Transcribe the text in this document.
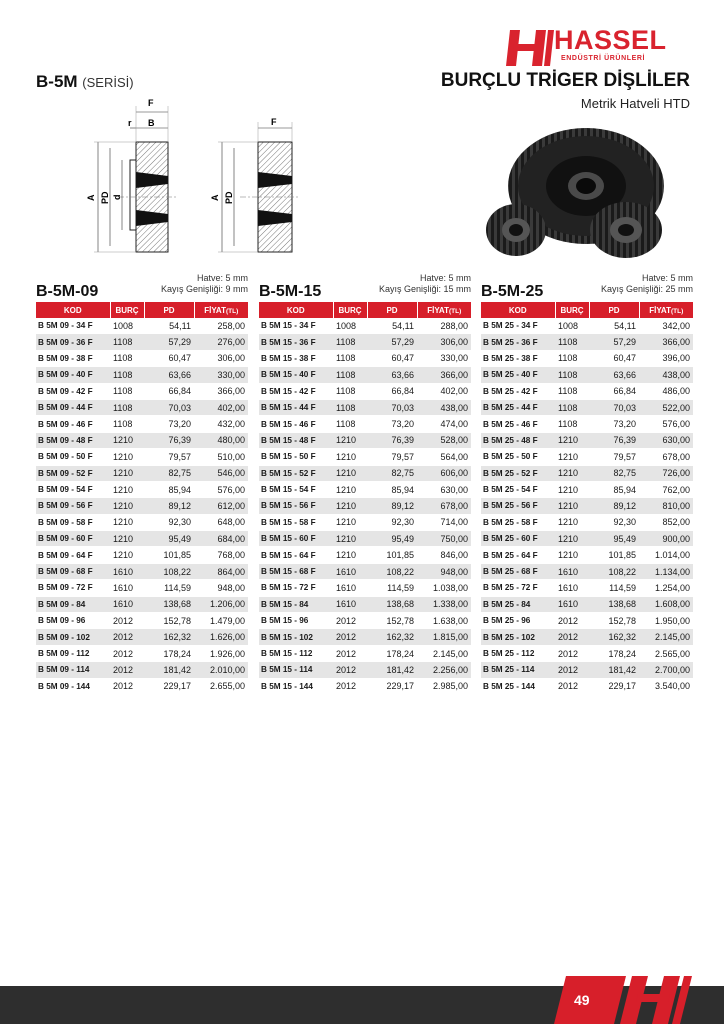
HASSEL
ENDÜSTRİ ÜRÜNLERİ
B-5M (SERİSİ)	BURÇLU TRİGER DİŞLİLER
Metrik Hatveli HTD
F
r B
A PD d
F
A PD
B-5M-09
Hatve: 5 mm
Kayış Genişliği: 9 mm
KOD	BURÇ	PD	FİYAT(TL)
B 5M 09 - 34 F	1008	54,11	258,00
B 5M 09 - 36 F	1108	57,29	276,00
B 5M 09 - 38 F	1108	60,47	306,00
B 5M 09 - 40 F	1108	63,66	330,00
B 5M 09 - 42 F	1108	66,84	366,00
B 5M 09 - 44 F	1108	70,03	402,00
B 5M 09 - 46 F	1108	73,20	432,00
B 5M 09 - 48 F	1210	76,39	480,00
B 5M 09 - 50 F	1210	79,57	510,00
B 5M 09 - 52 F	1210	82,75	546,00
B 5M 09 - 54 F	1210	85,94	576,00
B 5M 09 - 56 F	1210	89,12	612,00
B 5M 09 - 58 F	1210	92,30	648,00
B 5M 09 - 60 F	1210	95,49	684,00
B 5M 09 - 64 F	1210	101,85	768,00
B 5M 09 - 68 F	1610	108,22	864,00
B 5M 09 - 72 F	1610	114,59	948,00
B 5M 09 - 84	1610	138,68	1.206,00
B 5M 09 - 96	2012	152,78	1.479,00
B 5M 09 - 102	2012	162,32	1.626,00
B 5M 09 - 112	2012	178,24	1.926,00
B 5M 09 - 114	2012	181,42	2.010,00
B 5M 09 - 144	2012	229,17	2.655,00
B-5M-15
Hatve: 5 mm
Kayış Genişliği: 15 mm
KOD	BURÇ	PD	FİYAT(TL)
B 5M 15 - 34 F	1008	54,11	288,00
B 5M 15 - 36 F	1108	57,29	306,00
B 5M 15 - 38 F	1108	60,47	330,00
B 5M 15 - 40 F	1108	63,66	366,00
B 5M 15 - 42 F	1108	66,84	402,00
B 5M 15 - 44 F	1108	70,03	438,00
B 5M 15 - 46 F	1108	73,20	474,00
B 5M 15 - 48 F	1210	76,39	528,00
B 5M 15 - 50 F	1210	79,57	564,00
B 5M 15 - 52 F	1210	82,75	606,00
B 5M 15 - 54 F	1210	85,94	630,00
B 5M 15 - 56 F	1210	89,12	678,00
B 5M 15 - 58 F	1210	92,30	714,00
B 5M 15 - 60 F	1210	95,49	750,00
B 5M 15 - 64 F	1210	101,85	846,00
B 5M 15 - 68 F	1610	108,22	948,00
B 5M 15 - 72 F	1610	114,59	1.038,00
B 5M 15 - 84	1610	138,68	1.338,00
B 5M 15 - 96	2012	152,78	1.638,00
B 5M 15 - 102	2012	162,32	1.815,00
B 5M 15 - 112	2012	178,24	2.145,00
B 5M 15 - 114	2012	181,42	2.256,00
B 5M 15 - 144	2012	229,17	2.985,00
B-5M-25
Hatve: 5 mm
Kayış Genişliği: 25 mm
KOD	BURÇ	PD	FİYAT(TL)
B 5M 25 - 34 F	1008	54,11	342,00
B 5M 25 - 36 F	1108	57,29	366,00
B 5M 25 - 38 F	1108	60,47	396,00
B 5M 25 - 40 F	1108	63,66	438,00
B 5M 25 - 42 F	1108	66,84	486,00
B 5M 25 - 44 F	1108	70,03	522,00
B 5M 25 - 46 F	1108	73,20	576,00
B 5M 25 - 48 F	1210	76,39	630,00
B 5M 25 - 50 F	1210	79,57	678,00
B 5M 25 - 52 F	1210	82,75	726,00
B 5M 25 - 54 F	1210	85,94	762,00
B 5M 25 - 56 F	1210	89,12	810,00
B 5M 25 - 58 F	1210	92,30	852,00
B 5M 25 - 60 F	1210	95,49	900,00
B 5M 25 - 64 F	1210	101,85	1.014,00
B 5M 25 - 68 F	1610	108,22	1.134,00
B 5M 25 - 72 F	1610	114,59	1.254,00
B 5M 25 - 84	1610	138,68	1.608,00
B 5M 25 - 96	2012	152,78	1.950,00
B 5M 25 - 102	2012	162,32	2.145,00
B 5M 25 - 112	2012	178,24	2.565,00
B 5M 25 - 114	2012	181,42	2.700,00
B 5M 25 - 144	2012	229,17	3.540,00
49
